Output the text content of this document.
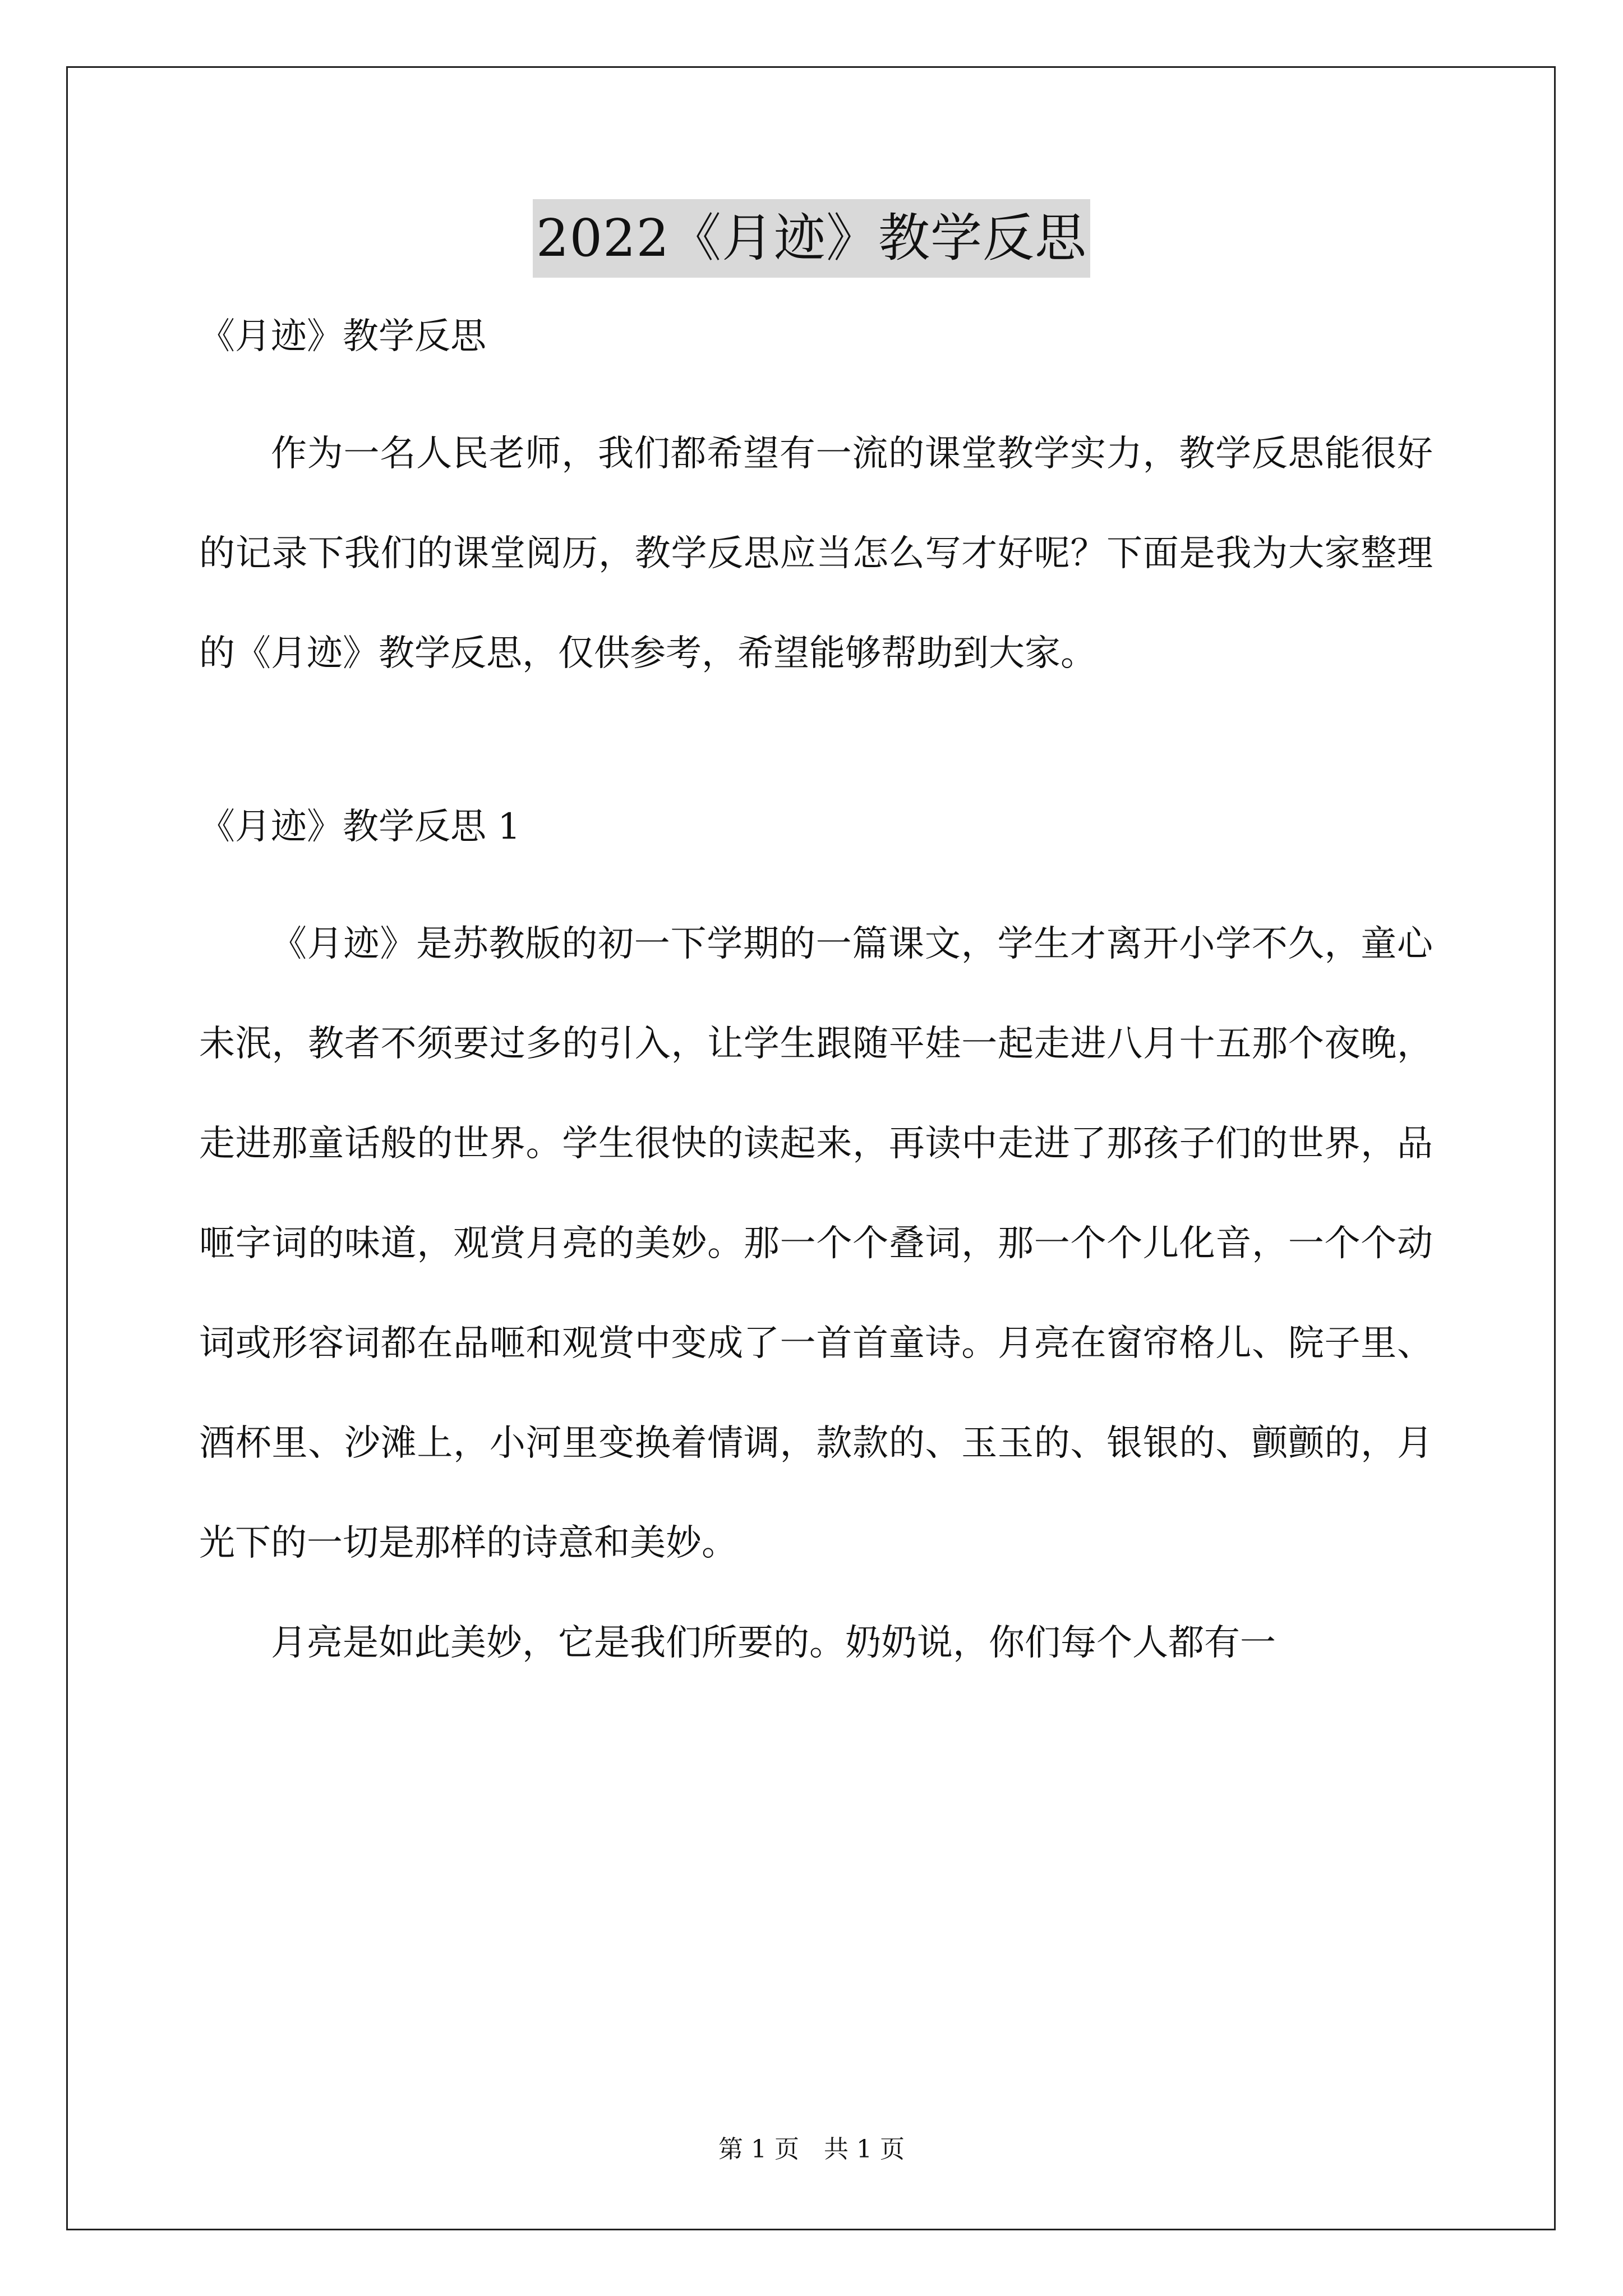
2022《月迹》教学反思

《月迹》教学反思

作为一名人民老师，我们都希望有一流的课堂教学实力，教学反思能很好的记录下我们的课堂阅历，教学反思应当怎么写才好呢？下面是我为大家整理的《月迹》教学反思，仅供参考，希望能够帮助到大家。

《月迹》教学反思 1

《月迹》是苏教版的初一下学期的一篇课文，学生才离开小学不久，童心未泯，教者不须要过多的引入，让学生跟随平娃一起走进八月十五那个夜晚，走进那童话般的世界。学生很快的读起来，再读中走进了那孩子们的世界，品咂字词的味道，观赏月亮的美妙。那一个个叠词，那一个个儿化音，一个个动词或形容词都在品咂和观赏中变成了一首首童诗。月亮在窗帘格儿、院子里、酒杯里、沙滩上，小河里变换着情调，款款的、玉玉的、银银的、颤颤的，月光下的一切是那样的诗意和美妙。

月亮是如此美妙，它是我们所要的。奶奶说，你们每个人都有一

第 1 页　共 1 页
